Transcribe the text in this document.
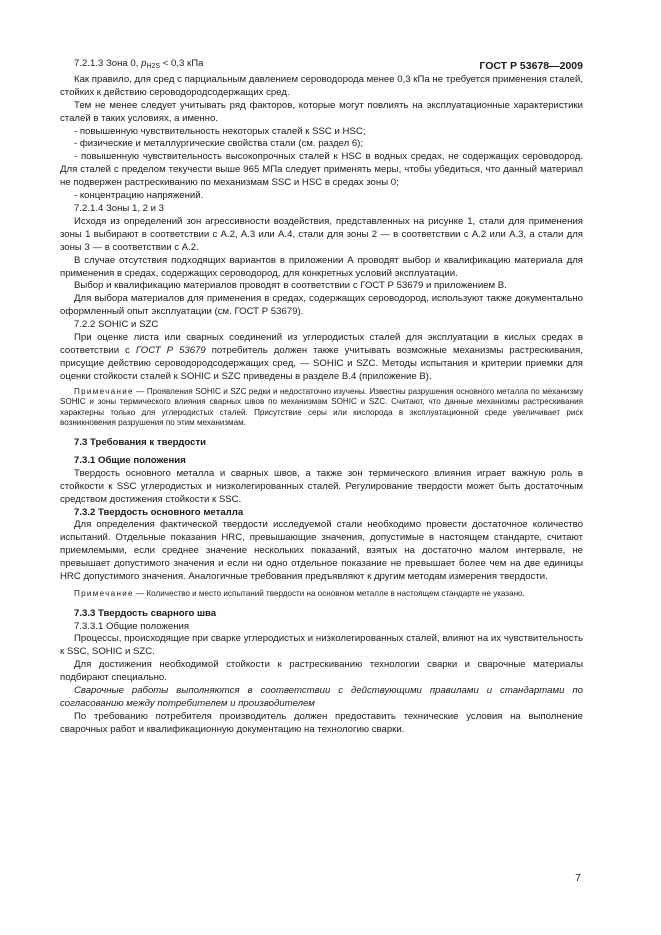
ГОСТ Р 53678—2009

7.2.1.3 Зона 0, $p_{H2S} < 0,3$ кПа

Как правило, для сред с парциальным давлением сероводорода менее 0,3 кПа не требуется применения сталей, стойких к действию сероводородсодержащих сред.

Тем не менее следует учитывать ряд факторов, которые могут повлиять на эксплуатационные характеристики сталей в таких условиях, а именно.

- повышенную чувствительность некоторых сталей к SSC и HSC;

- физические и металлургические свойства стали (см. раздел 6);

- повышенную чувствительность высокопрочных сталей к HSC в водных средах, не содержащих сероводород. Для сталей с пределом текучести выше 965 МПа следует применять меры, чтобы убедиться, что данный материал не подвержен растрескиванию по механизмам SSC и HSC в средах зоны 0;

- концентрацию напряжений.

7.2.1.4 Зоны 1, 2 и 3

Исходя из определений зон агрессивности воздействия, представленных на рисунке 1, стали для применения зоны 1 выбирают в соответствии с А.2, А.3 или А.4, стали для зоны 2 — в соответствии с А.2 или А.3, а стали для зоны 3 — в соответствии с А.2.

В случае отсутствия подходящих вариантов в приложении А проводят выбор и квалификацию материала для применения в средах, содержащих сероводород, для конкретных условий эксплуатации.

Выбор и квалификацию материалов проводят в соответствии с ГОСТ Р 53679 и приложением В.

Для выбора материалов для применения в средах, содержащих сероводород, используют также документально оформленный опыт эксплуатации (см. ГОСТ Р 53679).

7.2.2 SOHIC и SZC

При оценке листа или сварных соединений из углеродистых сталей для эксплуатации в кислых средах в соответствии с ГОСТ Р 53679 потребитель должен также учитывать возможные механизмы растрескивания, присущие действию сероводородсодержащих сред, — SOHIC и SZC. Методы испытания и критерии приемки для оценки стойкости сталей к SOHIC и SZC приведены в разделе В.4 (приложение В).

Примечание — Проявления SOHIC и SZC редки и недостаточно изучены. Известны разрушения основного металла по механизму SOHIC и зоны термического влияния сварных швов по механизмам SOHIC и SZC. Считают, что данные механизмы растрескивания характерны только для углеродистых сталей. Присутствие серы или кислорода в эксплуатационной среде увеличивает риск возникновения разрушения по этим механизмам.

7.3 Требования к твердости

7.3.1 Общие положения

Твердость основного металла и сварных швов, а также зон термического влияния играет важную роль в стойкости к SSC углеродистых и низколегированных сталей. Регулирование твердости может быть достаточным средством достижения стойкости к SSC.

7.3.2 Твердость основного металла

Для определения фактической твердости исследуемой стали необходимо провести достаточное количество испытаний. Отдельные показания HRC, превышающие значения, допустимые в настоящем стандарте, считают приемлемыми, если среднее значение нескольких показаний, взятых на достаточно малом интервале, не превышает допустимого значения и если ни одно отдельное показание не превышает более чем на две единицы HRC допустимого значения. Аналогичные требования предъявляют к другим методам измерения твердости.

Примечание — Количество и место испытаний твердости на основном металле в настоящем стандарте не указано.

7.3.3 Твердость сварного шва

7.3.3.1 Общие положения

Процессы, происходящие при сварке углеродистых и низколегированных сталей, влияют на их чувствительность к SSC, SOHIC и SZC.

Для достижения необходимой стойкости к растрескиванию технологии сварки и сварочные материалы подбирают специально.

Сварочные работы выполняются в соответствии с действующими правилами и стандартами по согласованию между потребителем и производителем

По требованию потребителя производитель должен предоставить технические условия на выполнение сварочных работ и квалификационную документацию на технологию сварки.

7
